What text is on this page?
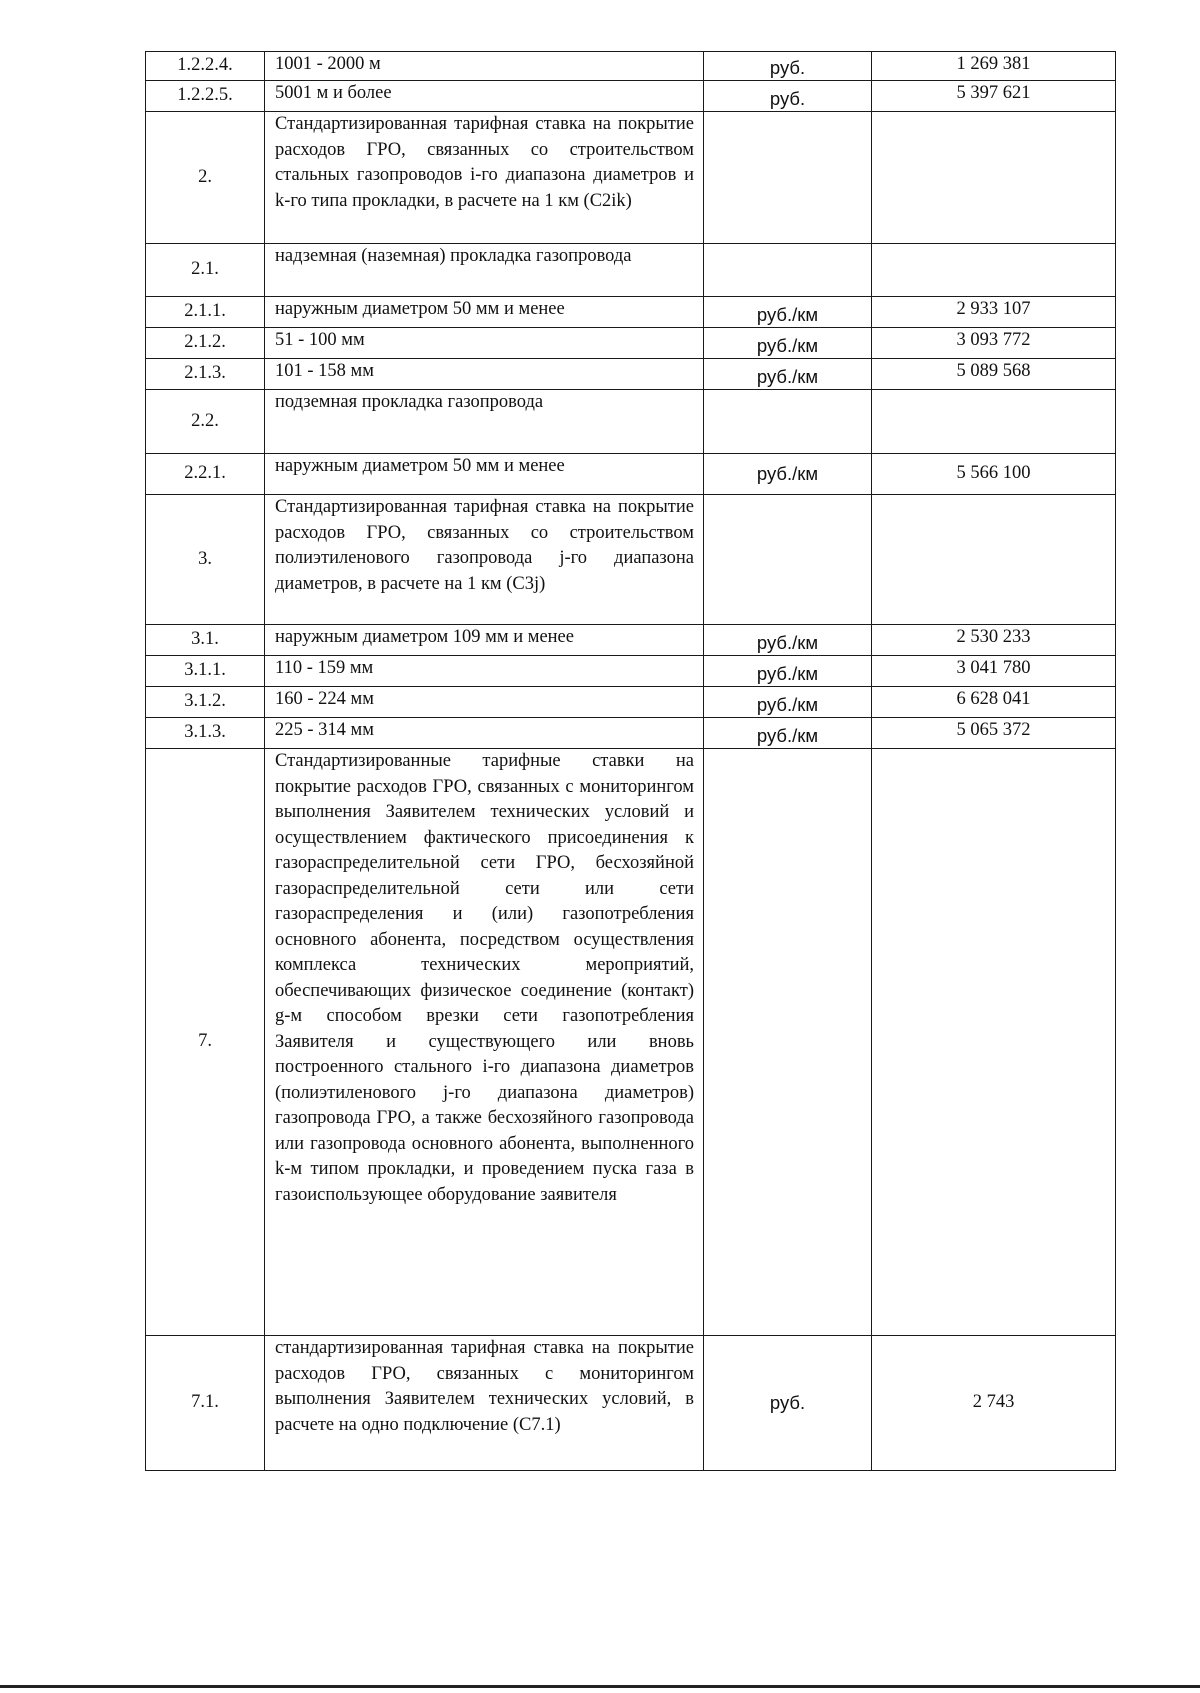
1.2.2.4.	1001 - 2000 м	руб.	1 269 381
1.2.2.5.	5001 м и более	руб.	5 397 621
2.	Стандартизированная тарифная ставка на покрытие расходов ГРО, связанных со строительством стальных газопроводов i-го диапазона диаметров и k-го типа прокладки, в расчете на 1 км (С2ik)		
2.1.	надземная (наземная) прокладка газопровода		
2.1.1.	наружным диаметром 50 мм и менее	руб./км	2 933 107
2.1.2.	51 - 100 мм	руб./км	3 093 772
2.1.3.	101 - 158 мм	руб./км	5 089 568
2.2.	подземная прокладка газопровода		
2.2.1.	наружным диаметром 50 мм и менее	руб./км	5 566 100
3.	Стандартизированная тарифная ставка на покрытие расходов ГРО, связанных со строительством полиэтиленового газопровода j-го диапазона диаметров, в расчете на 1 км (С3j)		
3.1.	наружным диаметром 109 мм и менее	руб./км	2 530 233
3.1.1.	110 - 159 мм	руб./км	3 041 780
3.1.2.	160 - 224 мм	руб./км	6 628 041
3.1.3.	225 - 314 мм	руб./км	5 065 372
7.	Стандартизированные тарифные ставки на покрытие расходов ГРО, связанных с мониторингом выполнения Заявителем технических условий и осуществлением фактического присоединения к газораспределительной сети ГРО, бесхозяйной газораспределительной сети или сети газораспределения и (или) газопотребления основного абонента, посредством осуществления комплекса технических мероприятий, обеспечивающих физическое соединение (контакт) g-м способом врезки сети газопотребления Заявителя и существующего или вновь построенного стального i-го диапазона диаметров (полиэтиленового j-го диапазона диаметров) газопровода ГРО, а также бесхозяйного газопровода или газопровода основного абонента, выполненного k-м типом прокладки, и проведением пуска газа в газоиспользующее оборудование заявителя		
7.1.	стандартизированная тарифная ставка на покрытие расходов ГРО, связанных с мониторингом выполнения Заявителем технических условий, в расчете на одно подключение (С7.1)	руб.	2 743
